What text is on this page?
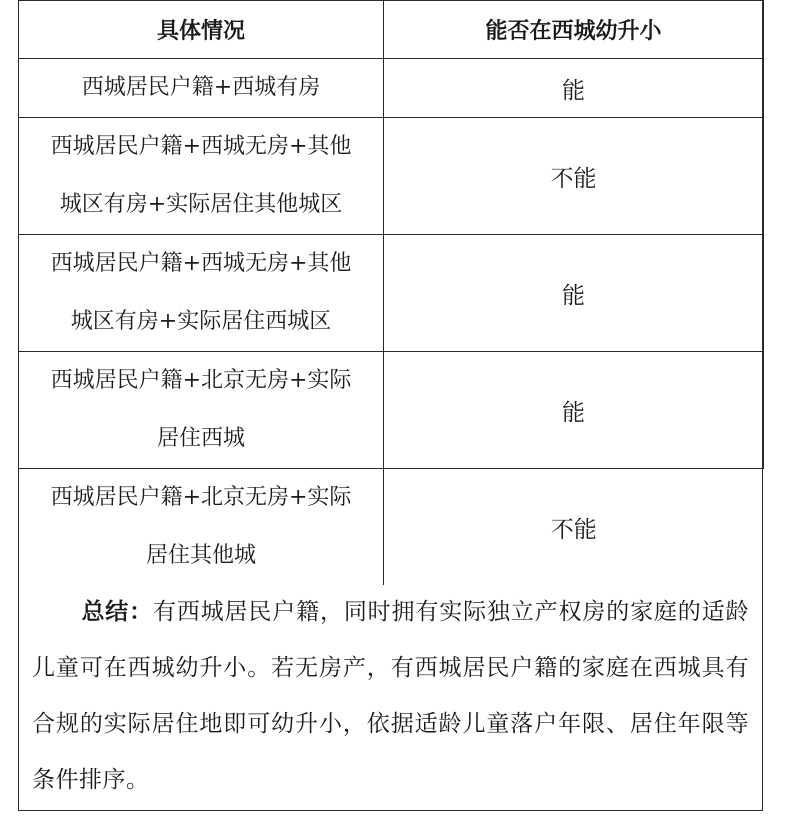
具体情况	能否在西城幼升小

西城居民户籍+西城有房	能

西城居民户籍+西城无房+其他
城区有房+实际居住其他城区	不能

西城居民户籍+西城无房+其他
城区有房+实际居住西城区	能

西城居民户籍+北京无房+实际
居住西城	能

西城居民户籍+北京无房+实际
居住其他城	不能
总结：有西城居民户籍，同时拥有实际独立产权房的家庭的适龄儿童可在西城幼升小。若无房产，有西城居民户籍的家庭在西城具有合规的实际居住地即可幼升小，依据适龄儿童落户年限、居住年限等条件排序。
